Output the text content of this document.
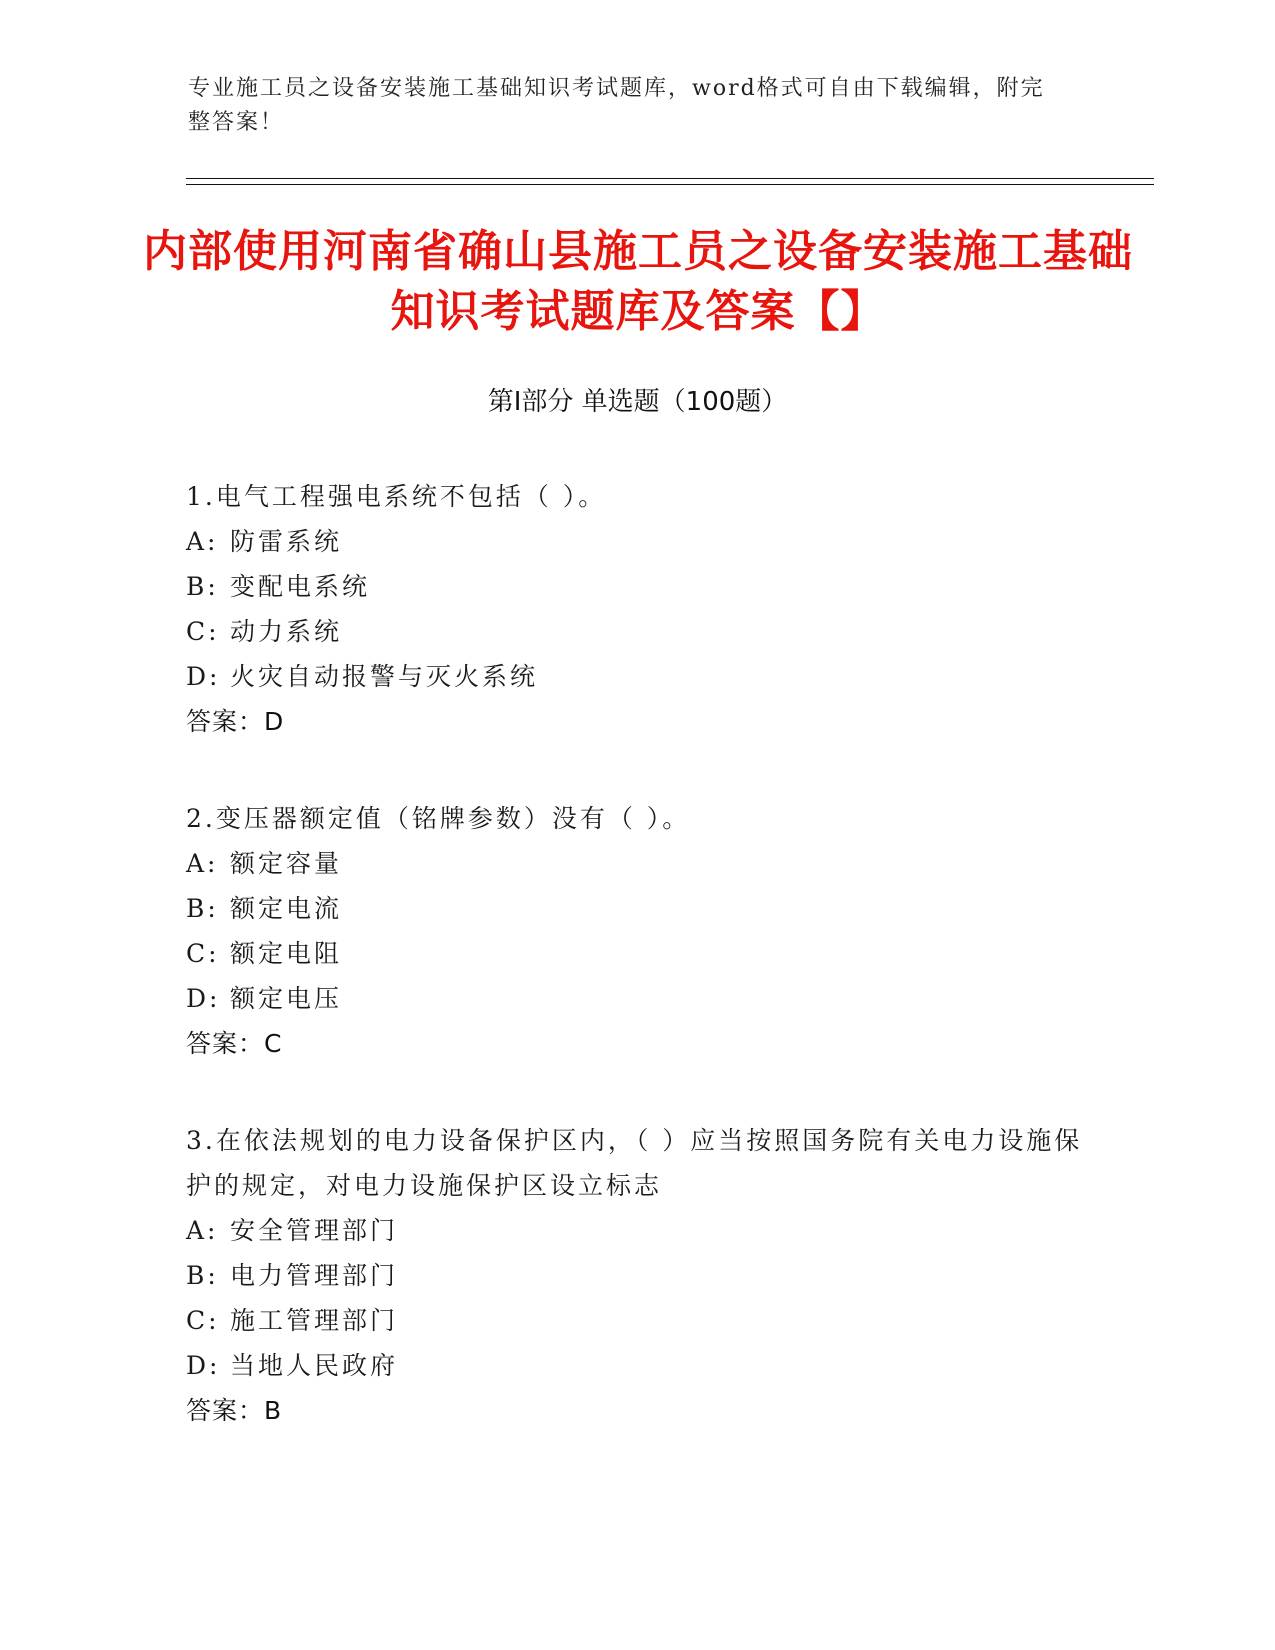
专业施工员之设备安装施工基础知识考试题库，word格式可自由下载编辑，附完整答案！
内部使用河南省确山县施工员之设备安装施工基础知识考试题库及答案【】
第Ⅰ部分 单选题（100题）
1.电气工程强电系统不包括（ ）。
A: 防雷系统
B: 变配电系统
C: 动力系统
D: 火灾自动报警与灭火系统
答案：D
2.变压器额定值（铭牌参数）没有（ ）。
A: 额定容量
B: 额定电流
C: 额定电阻
D: 额定电压
答案：C
3.在依法规划的电力设备保护区内，（ ）应当按照国务院有关电力设施保护的规定，对电力设施保护区设立标志
A: 安全管理部门
B: 电力管理部门
C: 施工管理部门
D: 当地人民政府
答案：B
